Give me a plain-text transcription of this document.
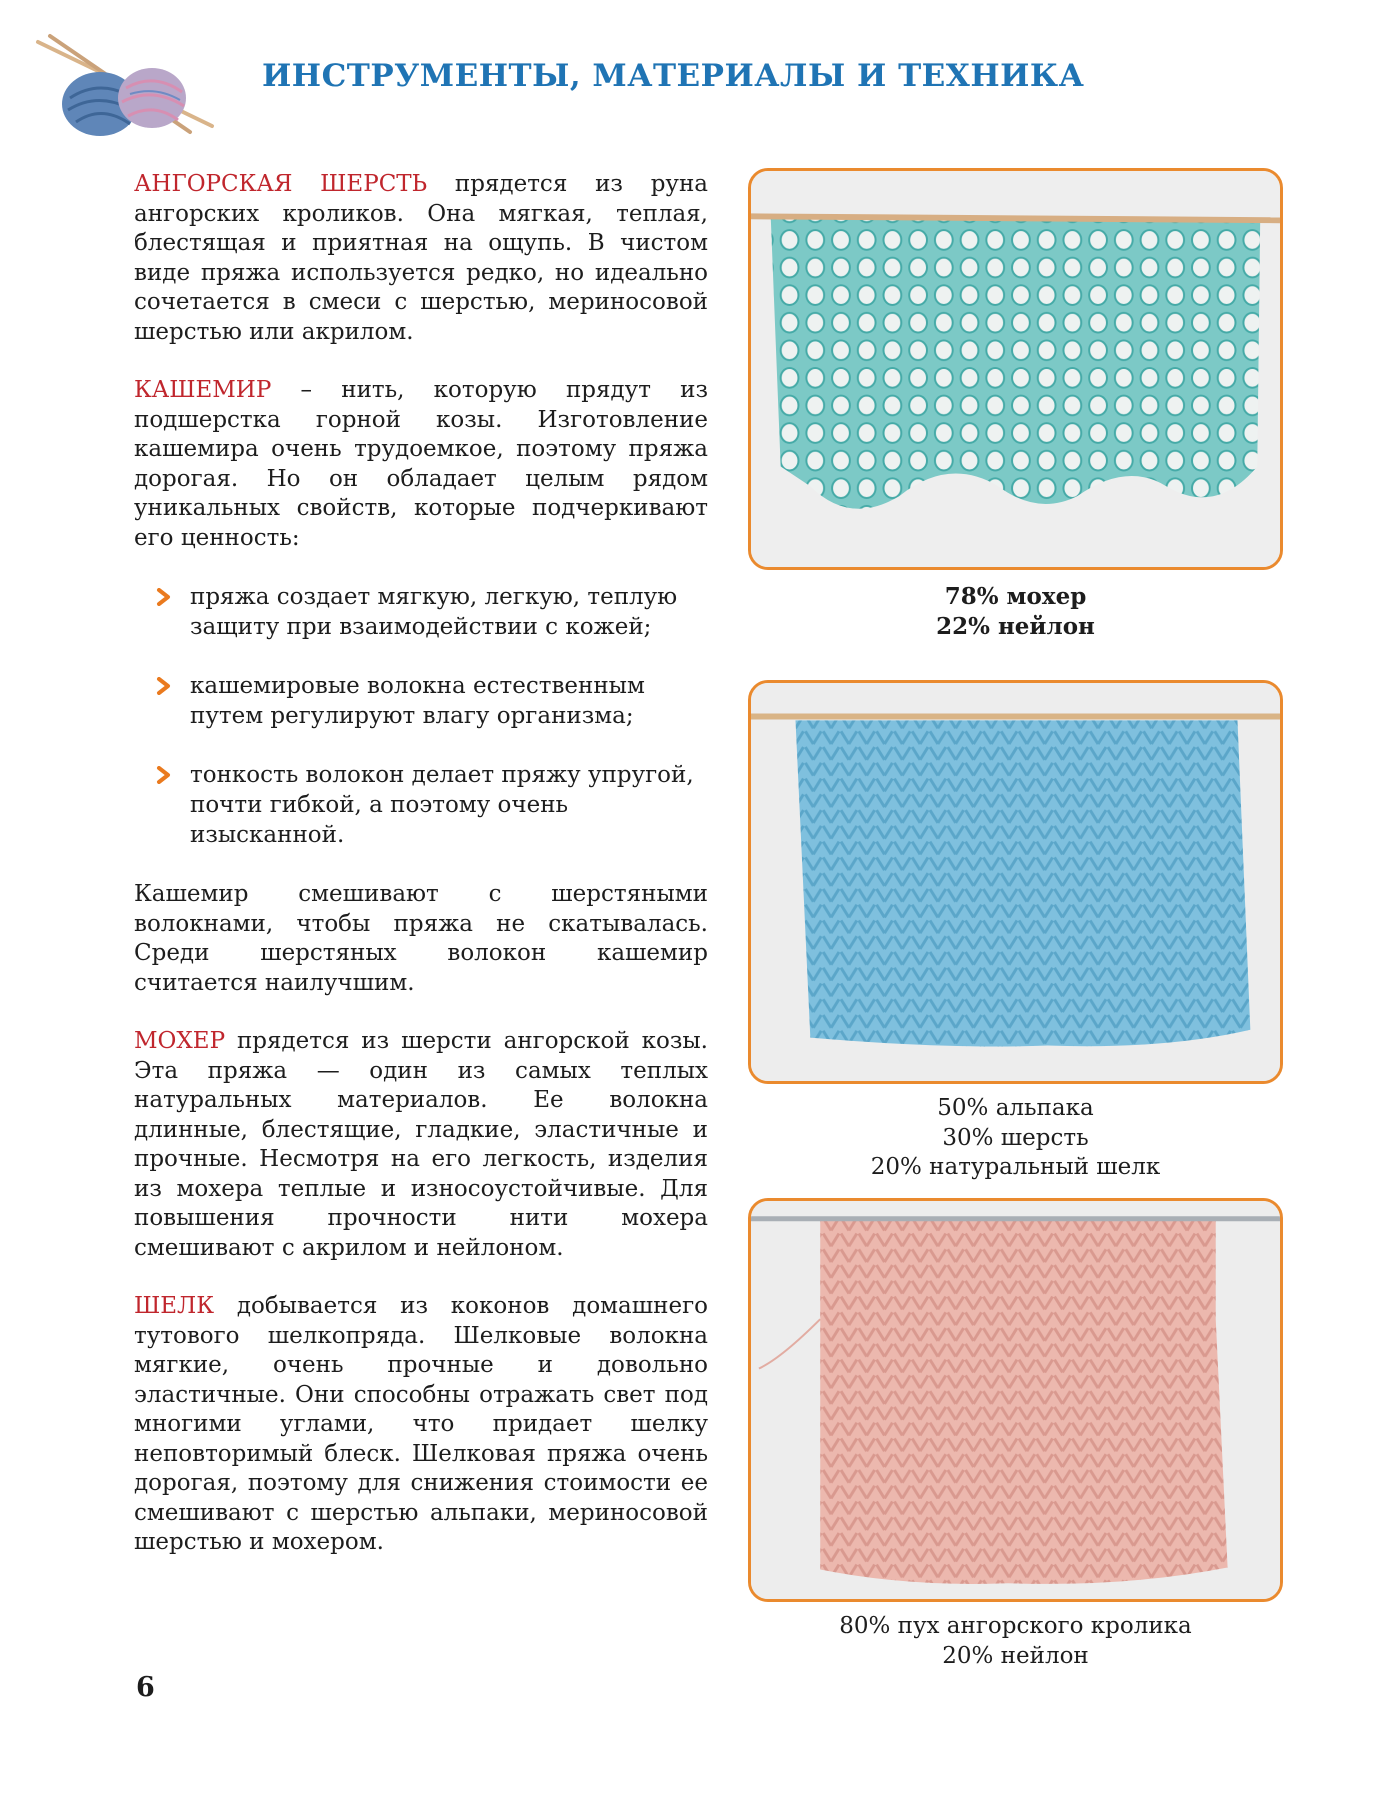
ИНСТРУМЕНТЫ, МАТЕРИАЛЫ И ТЕХНИКА

АНГОРСКАЯ ШЕРСТЬ прядется из руна ангорских кроликов. Она мягкая, теплая, блестящая и приятная на ощупь. В чистом виде пряжа используется редко, но идеально сочетается в смеси с шерстью, мериносовой шерстью или акрилом.

КАШЕМИР – нить, которую прядут из подшерстка горной козы. Изготовление кашемира очень трудоемкое, поэтому пряжа дорогая. Но он обладает целым рядом уникальных свойств, которые подчеркивают его ценность:

пряжа создает мягкую, легкую, теплую защиту при взаимодействии с кожей;
кашемировые волокна естественным путем регулируют влагу организма;
тонкость волокон делает пряжу упругой, почти гибкой, а поэтому очень изысканной.

Кашемир смешивают с шерстяными волокнами, чтобы пряжа не скатывалась. Среди шерстяных волокон кашемир считается наилучшим.

МОХЕР прядется из шерсти ангорской козы. Эта пряжа — один из самых теплых натуральных материалов. Ее волокна длинные, блестящие, гладкие, эластичные и прочные. Несмотря на его легкость, изделия из мохера теплые и износоустойчивые. Для повышения прочности нити мохера смешивают с акрилом и нейлоном.

ШЕЛК добывается из коконов домашнего тутового шелкопряда. Шелковые волокна мягкие, очень прочные и довольно эластичные. Они способны отражать свет под многими углами, что придает шелку неповторимый блеск. Шелковая пряжа очень дорогая, поэтому для снижения стоимости ее смешивают с шерстью альпаки, мериносовой шерстью и мохером.

78% мохер
22% нейлон
50% альпака
30% шерсть
20% натуральный шелк
80% пух ангорского кролика
20% нейлон
6
